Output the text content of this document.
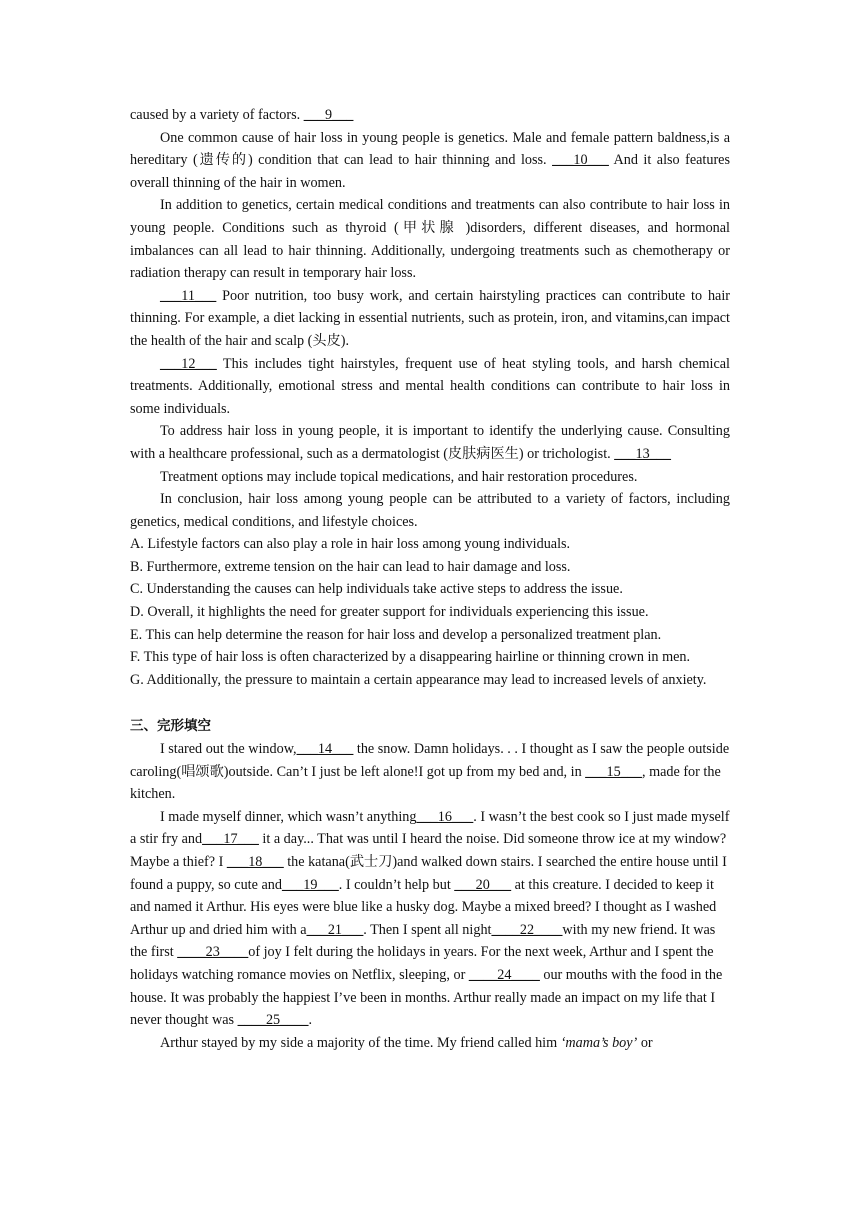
caused by a variety of factors. ___9___

One common cause of hair loss in young people is genetics. Male and female pattern baldness,is a hereditary (遗传的) condition that can lead to hair thinning and loss. ___10___ And it also features overall thinning of the hair in women.

In addition to genetics, certain medical conditions and treatments can also contribute to hair loss in young people. Conditions such as thyroid (甲状腺 )disorders, different diseases, and hormonal imbalances can all lead to hair thinning. Additionally, undergoing treatments such as chemotherapy or radiation therapy can result in temporary hair loss.

___11___ Poor nutrition, too busy work, and certain hairstyling practices can contribute to hair thinning. For example, a diet lacking in essential nutrients, such as protein, iron, and vitamins,can impact the health of the hair and scalp (头皮).

___12___ This includes tight hairstyles, frequent use of heat styling tools, and harsh chemical treatments. Additionally, emotional stress and mental health conditions can contribute to hair loss in some individuals.

To address hair loss in young people, it is important to identify the underlying cause. Consulting with a healthcare professional, such as a dermatologist (皮肤病医生) or trichologist. ___13___

Treatment options may include topical medications, and hair restoration procedures.

In conclusion, hair loss among young people can be attributed to a variety of factors, including genetics, medical conditions, and lifestyle choices.

A. Lifestyle factors can also play a role in hair loss among young individuals.

B. Furthermore, extreme tension on the hair can lead to hair damage and loss.

C. Understanding the causes can help individuals take active steps to address the issue.

D. Overall, it highlights the need for greater support for individuals experiencing this issue.

E. This can help determine the reason for hair loss and develop a personalized treatment plan.

F. This type of hair loss is often characterized by a disappearing hairline or thinning crown in men.

G. Additionally, the pressure to maintain a certain appearance may lead to increased levels of anxiety.

三、完形填空

I stared out the window,___14___ the snow. Damn holidays. . . I thought as I saw the people outside caroling(唱颂歌)outside. Can’t I just be left alone!I got up from my bed and, in ___15___, made for the kitchen.

I made myself dinner, which wasn’t anything___16___. I wasn’t the best cook so I just made myself a stir fry and___17___ it a day... That was until I heard the noise. Did someone throw ice at my window? Maybe a thief? I ___18___ the katana(武士刀)and walked down stairs. I searched the entire house until I found a puppy, so cute and___19___. I couldn’t help but ___20___ at this creature. I decided to keep it and named it Arthur. His eyes were blue like a husky dog. Maybe a mixed breed? I thought as I washed Arthur up and dried him with a___21___. Then I spent all night____22____with my new friend. It was the first ____23____of joy I felt during the holidays in years. For the next week, Arthur and I spent the holidays watching romance movies on Netflix, sleeping, or ____24____ our mouths with the food in the house. It was probably the happiest I’ve been in months. Arthur really made an impact on my life that I never thought was ____25____.

Arthur stayed by my side a majority of the time. My friend called him ‘mama’s boy’ or
